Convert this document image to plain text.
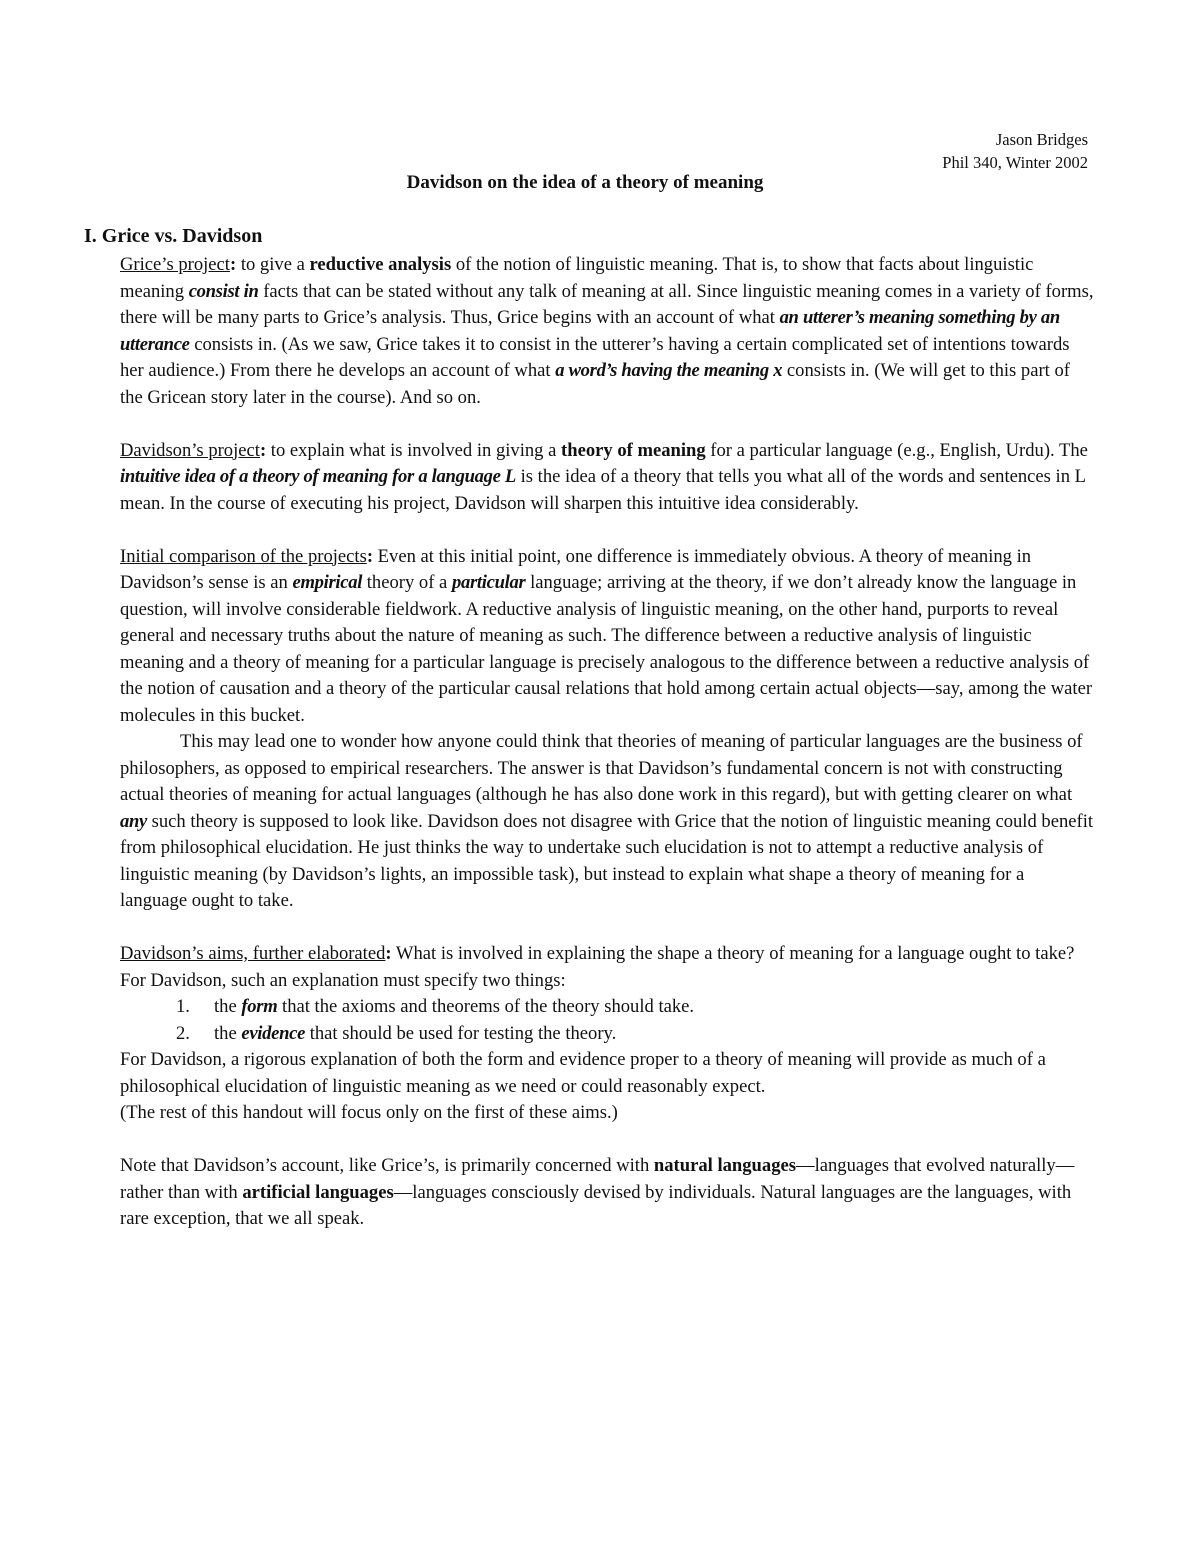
Jason Bridges
Phil 340, Winter 2002
Davidson on the idea of a theory of meaning
I. Grice vs. Davidson

Grice’s project: to give a reductive analysis of the notion of linguistic meaning. That is, to show that facts about linguistic meaning consist in facts that can be stated without any talk of meaning at all. Since linguistic meaning comes in a variety of forms, there will be many parts to Grice’s analysis. Thus, Grice begins with an account of what an utterer’s meaning something by an utterance consists in. (As we saw, Grice takes it to consist in the utterer’s having a certain complicated set of intentions towards her audience.) From there he develops an account of what a word’s having the meaning x consists in. (We will get to this part of the Gricean story later in the course). And so on.

Davidson’s project: to explain what is involved in giving a theory of meaning for a particular language (e.g., English, Urdu). The intuitive idea of a theory of meaning for a language L is the idea of a theory that tells you what all of the words and sentences in L mean. In the course of executing his project, Davidson will sharpen this intuitive idea considerably.

Initial comparison of the projects: Even at this initial point, one difference is immediately obvious. A theory of meaning in Davidson’s sense is an empirical theory of a particular language; arriving at the theory, if we don’t already know the language in question, will involve considerable fieldwork. A reductive analysis of linguistic meaning, on the other hand, purports to reveal general and necessary truths about the nature of meaning as such. The difference between a reductive analysis of linguistic meaning and a theory of meaning for a particular language is precisely analogous to the difference between a reductive analysis of the notion of causation and a theory of the particular causal relations that hold among certain actual objects—say, among the water molecules in this bucket.

This may lead one to wonder how anyone could think that theories of meaning of particular languages are the business of philosophers, as opposed to empirical researchers. The answer is that Davidson’s fundamental concern is not with constructing actual theories of meaning for actual languages (although he has also done work in this regard), but with getting clearer on what any such theory is supposed to look like. Davidson does not disagree with Grice that the notion of linguistic meaning could benefit from philosophical elucidation. He just thinks the way to undertake such elucidation is not to attempt a reductive analysis of linguistic meaning (by Davidson’s lights, an impossible task), but instead to explain what shape a theory of meaning for a language ought to take.

Davidson’s aims, further elaborated: What is involved in explaining the shape a theory of meaning for a language ought to take? For Davidson, such an explanation must specify two things:

1. the form that the axioms and theorems of the theory should take.
2. the evidence that should be used for testing the theory.

For Davidson, a rigorous explanation of both the form and evidence proper to a theory of meaning will provide as much of a philosophical elucidation of linguistic meaning as we need or could reasonably expect.

(The rest of this handout will focus only on the first of these aims.)

Note that Davidson’s account, like Grice’s, is primarily concerned with natural languages—languages that evolved naturally—rather than with artificial languages—languages consciously devised by individuals. Natural languages are the languages, with rare exception, that we all speak.
